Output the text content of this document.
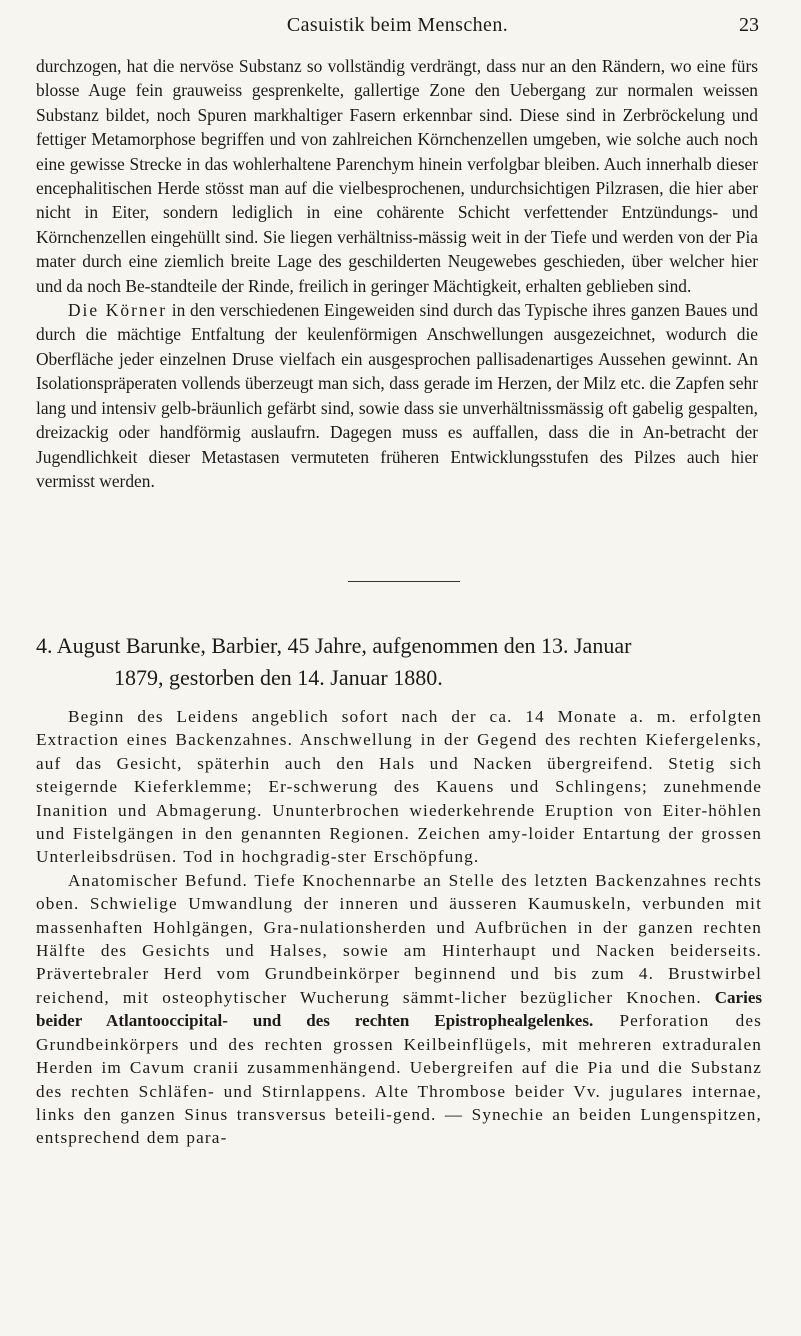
Casuistik beim Menschen.	23

durchzogen, hat die nervöse Substanz so vollständig verdrängt, dass nur an den Rändern, wo eine fürs blosse Auge fein grauweiss gesprenkelte, gallertige Zone den Uebergang zur normalen weissen Substanz bildet, noch Spuren markhaltiger Fasern erkennbar sind. Diese sind in Zerbröckelung und fettiger Metamorphose begriffen und von zahlreichen Körnchenzellen umgeben, wie solche auch noch eine gewisse Strecke in das wohlerhaltene Parenchym hinein verfolgbar bleiben. Auch innerhalb dieser encephalitischen Herde stösst man auf die vielbesprochenen, undurchsichtigen Pilzrasen, die hier aber nicht in Eiter, sondern lediglich in eine cohärente Schicht verfettender Entzündungs- und Körnchenzellen eingehüllt sind. Sie liegen verhältniss-mässig weit in der Tiefe und werden von der Pia mater durch eine ziemlich breite Lage des geschilderten Neugewebes geschieden, über welcher hier und da noch Be-standteile der Rinde, freilich in geringer Mächtigkeit, erhalten geblieben sind.

Die Körner in den verschiedenen Eingeweiden sind durch das Typische ihres ganzen Baues und durch die mächtige Entfaltung der keulenförmigen Anschwellungen ausgezeichnet, wodurch die Oberfläche jeder einzelnen Druse vielfach ein ausgesprochen pallisadenartiges Aussehen gewinnt. An Isolationspräperaten vollends überzeugt man sich, dass gerade im Herzen, der Milz etc. die Zapfen sehr lang und intensiv gelb-bräunlich gefärbt sind, sowie dass sie unverhältnissmässig oft gabelig gespalten, dreizackig oder handförmig auslaufrn. Dagegen muss es auffallen, dass die in An-betracht der Jugendlichkeit dieser Metastasen vermuteten früheren Entwicklungsstufen des Pilzes auch hier vermisst werden.

4. August Barunke, Barbier, 45 Jahre, aufgenommen den 13. Januar
1879, gestorben den 14. Januar 1880.

Beginn des Leidens angeblich sofort nach der ca. 14 Monate a. m. erfolgten Extraction eines Backenzahnes. Anschwellung in der Gegend des rechten Kiefergelenks, auf das Gesicht, späterhin auch den Hals und Nacken übergreifend. Stetig sich steigernde Kieferklemme; Er-schwerung des Kauens und Schlingens; zunehmende Inanition und Abmagerung. Ununterbrochen wiederkehrende Eruption von Eiter-höhlen und Fistelgängen in den genannten Regionen. Zeichen amy-loider Entartung der grossen Unterleibsdrüsen. Tod in hochgradig-ster Erschöpfung.

Anatomischer Befund. Tiefe Knochennarbe an Stelle des letzten Backenzahnes rechts oben. Schwielige Umwandlung der inneren und äusseren Kaumuskeln, verbunden mit massenhaften Hohlgängen, Gra-nulationsherden und Aufbrüchen in der ganzen rechten Hälfte des Gesichts und Halses, sowie am Hinterhaupt und Nacken beiderseits. Prävertebraler Herd vom Grundbeinkörper beginnend und bis zum 4. Brustwirbel reichend, mit osteophytischer Wucherung sämmt-licher bezüglicher Knochen. Caries beider Atlantooccipital- und des rechten Epistrophealgelenkes. Perforation des Grundbeinkörpers und des rechten grossen Keilbeinflügels, mit mehreren extraduralen Herden im Cavum cranii zusammenhängend. Uebergreifen auf die Pia und die Substanz des rechten Schläfen- und Stirnlappens. Alte Thrombose beider Vv. jugulares internae, links den ganzen Sinus transversus beteili-gend. — Synechie an beiden Lungenspitzen, entsprechend dem para-
